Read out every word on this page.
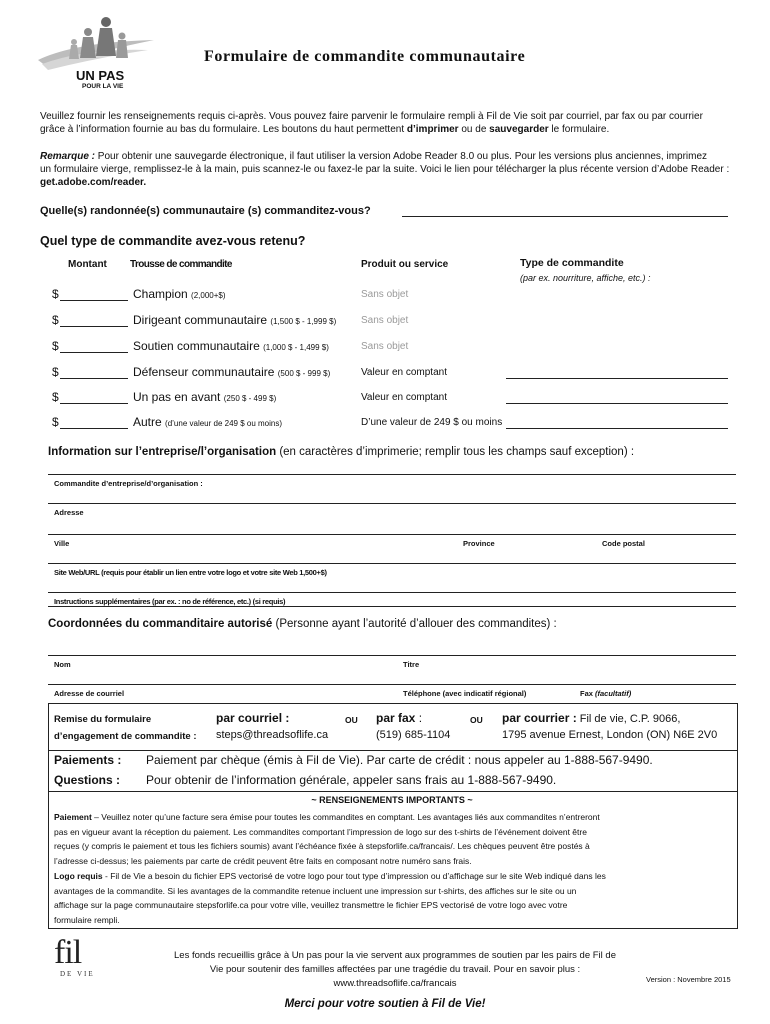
UN PAS
POUR LA VIE
Formulaire de commandite communautaire

Veuillez fournir les renseignements requis ci-après. Vous pouvez faire parvenir le formulaire rempli à Fil de Vie soit par courriel, par fax ou par courrier

grâce à l’information fournie au bas du formulaire. Les boutons du haut permettent d’imprimer ou de sauvegarder le formulaire.

Remarque : Pour obtenir une sauvegarde électronique, il faut utiliser la version Adobe Reader 8.0 ou plus. Pour les versions plus anciennes, imprimez

un formulaire vierge, remplissez-le à la main, puis scannez-le ou faxez-le par la suite. Voici le lien pour télécharger la plus récente version d’Adobe Reader :

get.adobe.com/reader.

Quelle(s) randonnée(s) communautaire (s) commanditez-vous?
Quel type de commandite avez-vous retenu?
Montant Trousse de commandite	Produit ou service	Type de commandite
(par ex. nourriture, affiche, etc.) :
$	Champion (2,000+$)	Sans objet
$	Dirigeant communautaire (1,500 $ - 1,999 $) Sans objet
$	Soutien communautaire (1,000 $ - 1,499 $)	Sans objet
$	Défenseur communautaire (500 $ - 999 $)	Valeur en comptant
$	Un pas en avant (250 $ - 499 $)	Valeur en comptant
$	Autre (d’une valeur de 249 $ ou moins)	D’une valeur de 249 $ ou moins
Information sur l’entreprise/l’organisation (en caractères d’imprimerie; remplir tous les champs sauf exception) :
Commandite d’entreprise/d’organisation :
Adresse
Ville	Province	Code postal
Site Web/URL (requis pour établir un lien entre votre logo et votre site Web 1,500+$)
Instructions supplémentaires (par ex. : no de référence, etc.) (si requis)
Coordonnées du commanditaire autorisé (Personne ayant l’autorité d’allouer des commandites) :
Nom	Titre
Adresse de courriel	Téléphone (avec indicatif régional)	Fax (facultatif)
Remise du formulaire
d’engagement de commandite :
par courriel :
steps@threadsoflife.ca
OU par fax :
(519) 685-1104
OU par courrier : Fil de vie, C.P. 9066,
1795 avenue Ernest, London (ON) N6E 2V0
Paiements : Paiement par chèque (émis à Fil de Vie). Par carte de crédit : nous appeler au 1-888-567-9490.
Questions : Pour obtenir de l’information générale, appeler sans frais au 1-888-567-9490.
~ RENSEIGNEMENTS IMPORTANTS ~

Paiement – Veuillez noter qu’une facture sera émise pour toutes les commandites en comptant. Les avantages liés aux commandites n’entreront

pas en vigueur avant la réception du paiement. Les commandites comportant l’impression de logo sur des t-shirts de l’événement doivent être

reçues (y compris le paiement et tous les fichiers soumis) avant l’échéance fixée à stepsforlife.ca/francais/. Les chèques peuvent être postés à

l’adresse ci-dessus; les paiements par carte de crédit peuvent être faits en composant notre numéro sans frais.

Logo requis - Fil de Vie a besoin du fichier EPS vectorisé de votre logo pour tout type d’impression ou d’affichage sur le site Web indiqué dans les

avantages de la commandite. Si les avantages de la commandite retenue incluent une impression sur t-shirts, des affiches sur le site ou un

affichage sur la page communautaire stepsforlife.ca pour votre ville, veuillez transmettre le fichier EPS vectorisé de votre logo avec votre

formulaire rempli.

fil
DE VIE

Les fonds recueillis grâce à Un pas pour la vie servent aux programmes de soutien par les pairs de Fil de

Vie pour soutenir des familles affectées par une tragédie du travail. Pour en savoir plus :

www.threadsoflife.ca/francais	Version : Novembre 2015
Merci pour votre soutien à Fil de Vie!
